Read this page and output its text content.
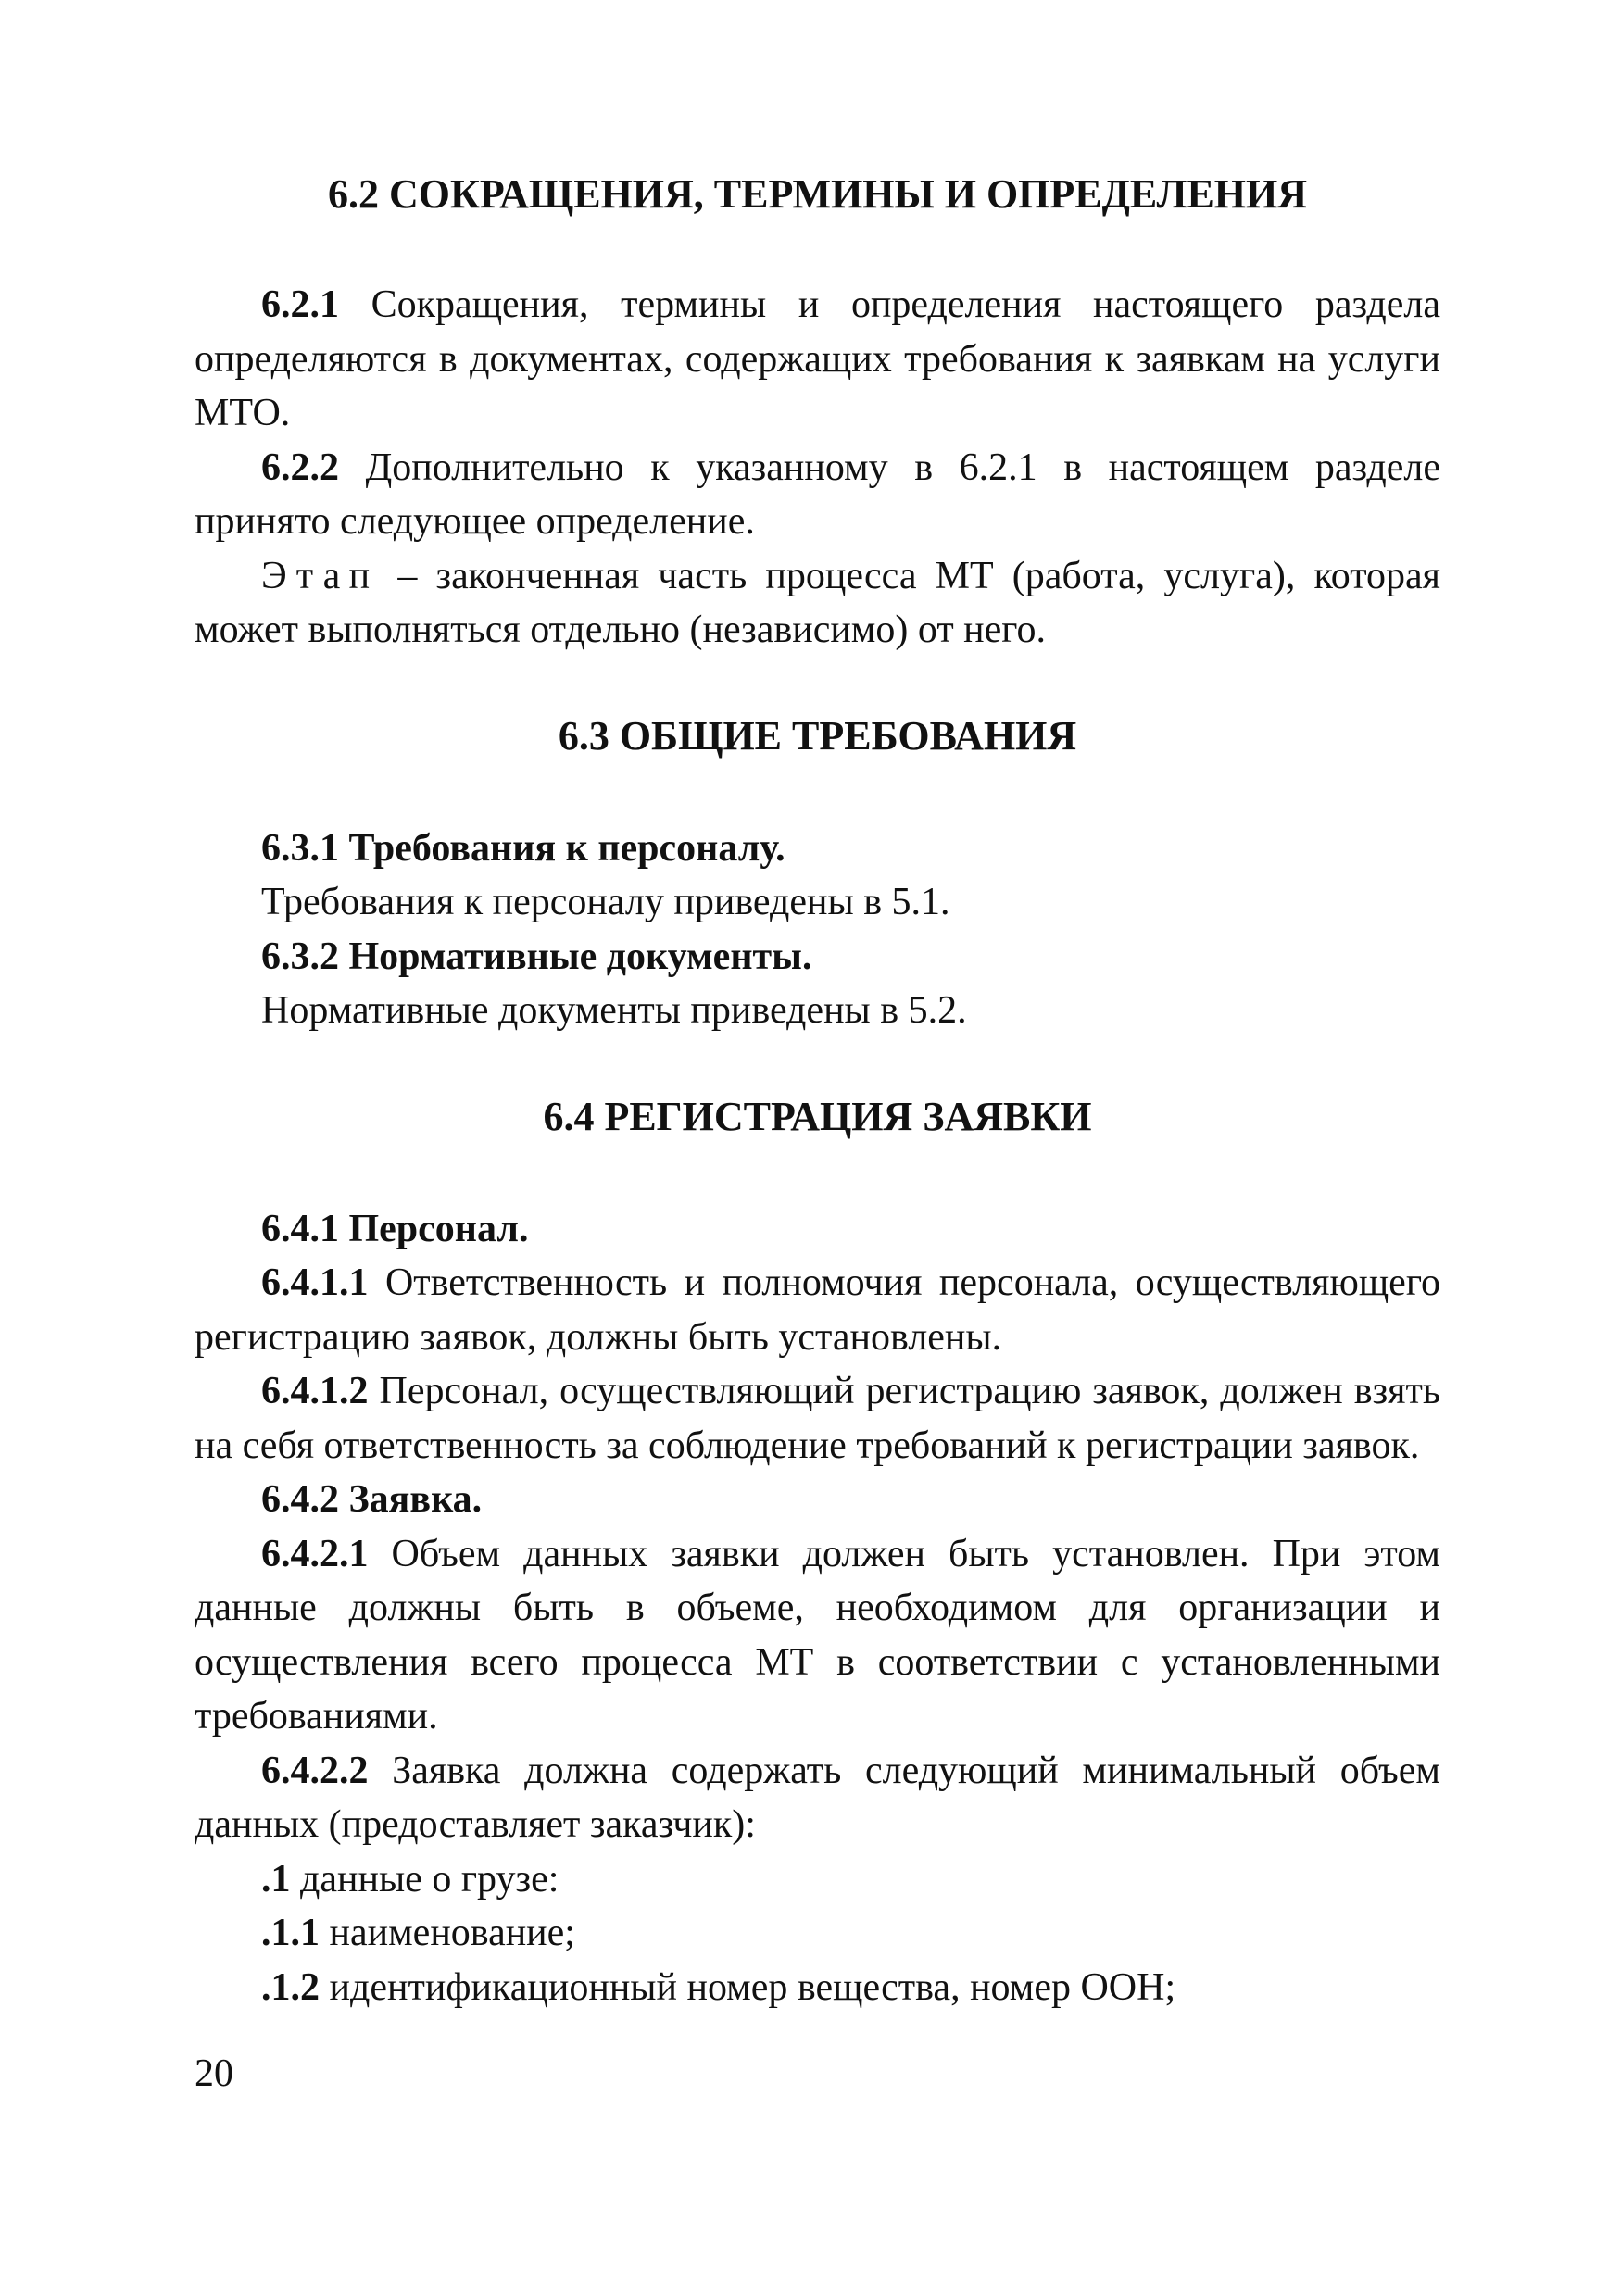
6.2 СОКРАЩЕНИЯ, ТЕРМИНЫ И ОПРЕДЕЛЕНИЯ

6.2.1 Сокращения, термины и определения настоящего раздела определяются в документах, содержащих требования к заявкам на услуги МТО.

6.2.2 Дополнительно к указанному в 6.2.1 в настоящем разделе принято следующее определение.

Этап – законченная часть процесса МТ (работа, услуга), которая может выполняться отдельно (независимо) от него.

6.3 ОБЩИЕ ТРЕБОВАНИЯ

6.3.1 Требования к персоналу.

Требования к персоналу приведены в 5.1.

6.3.2 Нормативные документы.

Нормативные документы приведены в 5.2.

6.4 РЕГИСТРАЦИЯ ЗАЯВКИ

6.4.1 Персонал.

6.4.1.1 Ответственность и полномочия персонала, осуществляющего регистрацию заявок, должны быть установлены.

6.4.1.2 Персонал, осуществляющий регистрацию заявок, должен взять на себя ответственность за соблюдение требований к регистрации заявок.

6.4.2 Заявка.

6.4.2.1 Объем данных заявки должен быть установлен. При этом данные должны быть в объеме, необходимом для организации и осуществления всего процесса МТ в соответствии с установленными требованиями.

6.4.2.2 Заявка должна содержать следующий минимальный объем данных (предоставляет заказчик):

.1 данные о грузе:

.1.1 наименование;

.1.2 идентификационный номер вещества, номер ООН;

20
